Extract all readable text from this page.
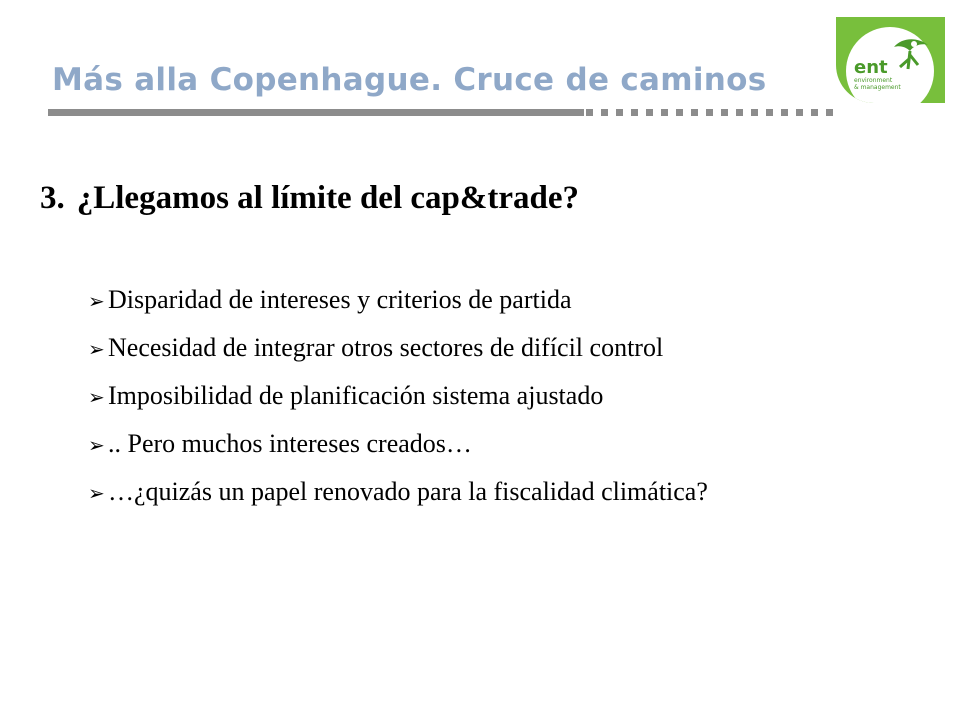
Más alla Copenhague. Cruce de caminos	ent
environment
& management
3. ¿Llegamos al límite del cap&trade?
➢ Disparidad de intereses y criterios de partida
➢ Necesidad de integrar otros sectores de difícil control
➢ Imposibilidad de planificación sistema ajustado
➢ .. Pero muchos intereses creados…
➢ …¿quizás un papel renovado para la fiscalidad climática?
